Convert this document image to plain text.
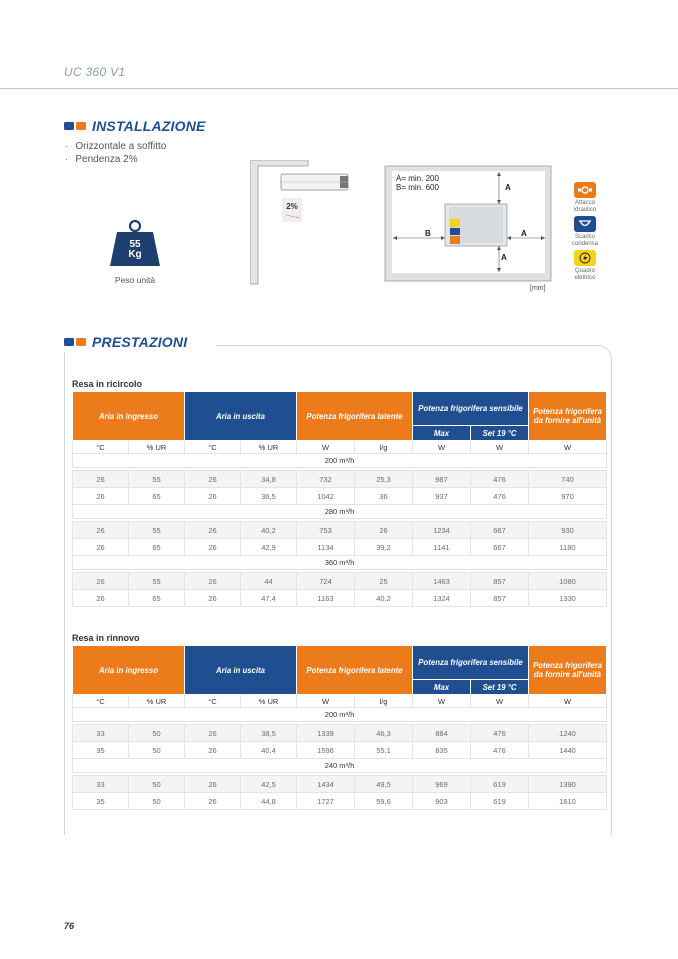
UC 360 V1
INSTALLAZIONE
· Orizzontale a soffitto
· Pendenza 2%
55
Kg
Peso unità
2%
A= min. 200
B= min. 600	A
B	A
A
[mm]
Attacco idraulico
Scarico condensa
Quadro elettrico
PRESTAZIONI
Resa in ricircolo
Aria in ingresso		Aria in uscita		Potenza frigorifera latente		Potenza frigorifera sensibile		Potenza frigorifera da fornire all'unità
						Max	Set 19 °C	
°C	% UR	°C	% UR	W	l/g	W	W	W
200 m³/h								

26	55	26	34,8	732	25,3	987	476	740
26	65	26	36,5	1042	36	937	476	970
280 m³/h								

26	55	26	40,2	753	26	1234	667	930
26	65	26	42,9	1134	39,2	1141	667	1180
360 m³/h								

26	55	26	44	724	25	1463	857	1080
26	65	26	47,4	1163	40,2	1324	857	1330
Resa in rinnovo
Aria in ingresso		Aria in uscita		Potenza frigorifera latente		Potenza frigorifera sensibile		Potenza frigorifera da fornire all'unità
						Max	Set 19 °C	
°C	% UR	°C	% UR	W	l/g	W	W	W
200 m³/h								

33	50	26	38,5	1339	46,3	884	476	1240
35	50	26	40,4	1596	55,1	835	476	1440
240 m³/h								

33	50	26	42,5	1434	49,5	969	619	1390
35	50	26	44,8	1727	59,6	903	619	1610
76
